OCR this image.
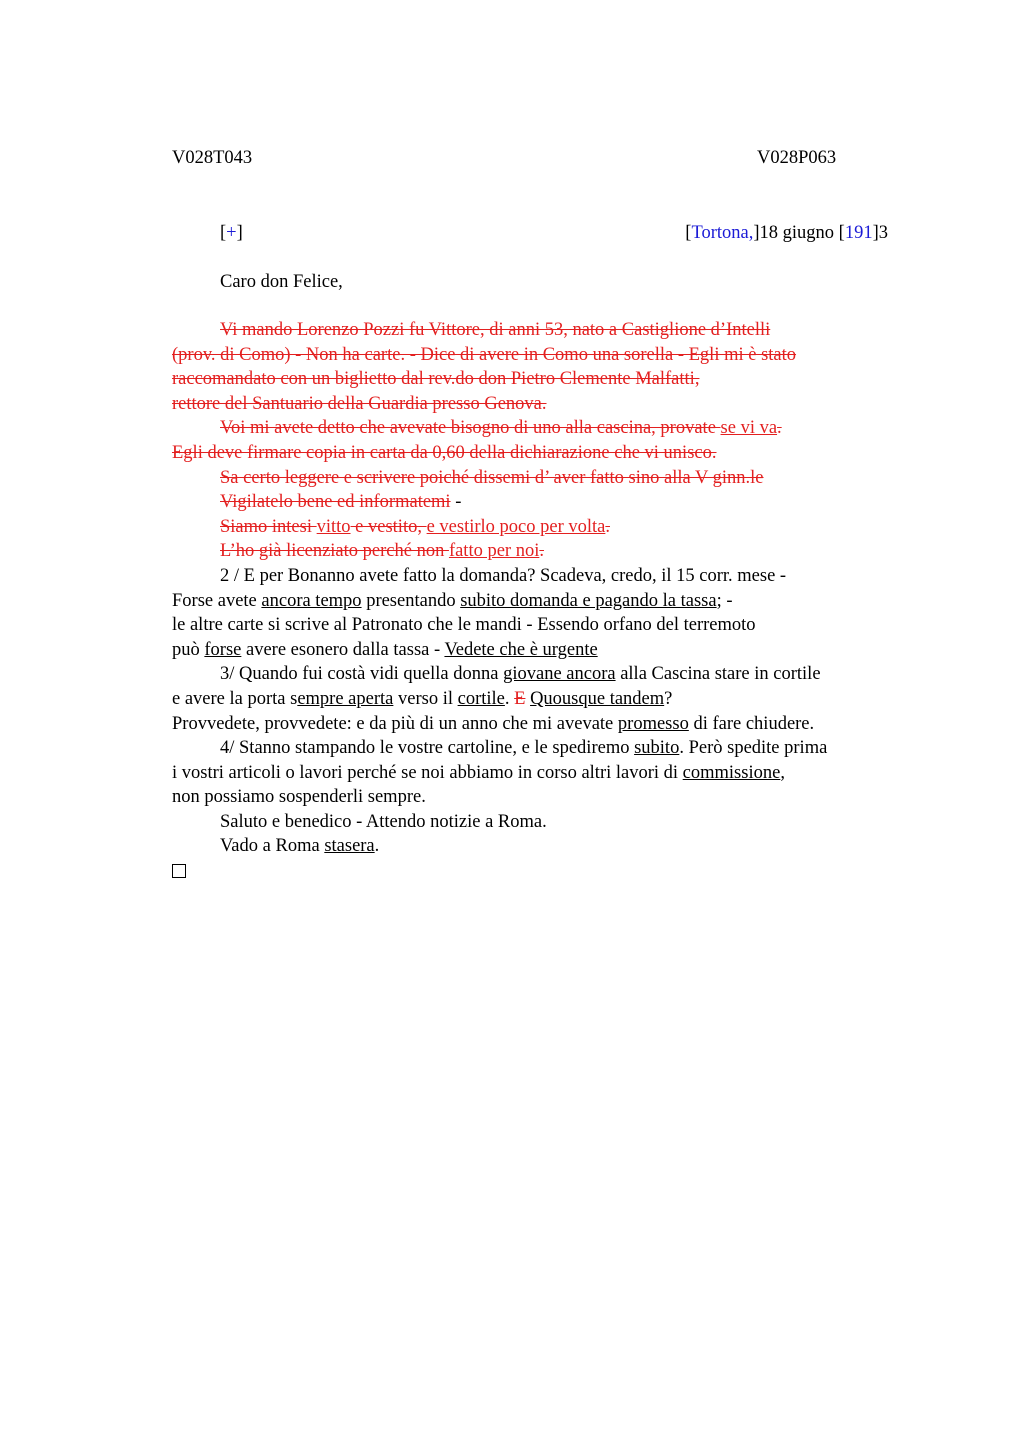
V028T043	V028P063
[+]	[Tortona,]18 giugno [191]3
Caro don Felice,
Vi mando Lorenzo Pozzi fu Vittore, di anni 53, nato a Castiglione d’Intelli
(prov. di Como) - Non ha carte. - Dice di avere in Como una sorella - Egli mi è stato
raccomandato con un biglietto dal rev.do don Pietro Clemente Malfatti,
rettore del Santuario della Guardia presso Genova.
Voi mi avete detto che avevate bisogno di uno alla cascina, provate se vi va.
Egli deve firmare copia in carta da 0,60 della dichiarazione che vi unisco.
Sa certo leggere e scrivere poiché dissemi d’ aver fatto sino alla V ginn.le
Vigilatelo bene ed informatemi -
Siamo intesi vitto e vestito, e vestirlo poco per volta.
L’ho già licenziato perché non fatto per noi.
2 / E per Bonanno avete fatto la domanda? Scadeva, credo, il 15 corr. mese -
Forse avete ancora tempo presentando subito domanda e pagando la tassa; -
le altre carte si scrive al Patronato che le mandi - Essendo orfano del terremoto
può forse avere esonero dalla tassa - Vedete che è urgente
3/ Quando fui costà vidi quella donna giovane ancora alla Cascina stare in cortile
e avere la porta sempre aperta verso il cortile. E Quousque tandem?
Provvedete, provvedete: e da più di un anno che mi avevate promesso di fare chiudere.
4/ Stanno stampando le vostre cartoline, e le spediremo subito. Però spedite prima
i vostri articoli o lavori perché se noi abbiamo in corso altri lavori di commissione,
non possiamo sospenderli sempre.
Saluto e benedico - Attendo notizie a Roma.
Vado a Roma stasera.
